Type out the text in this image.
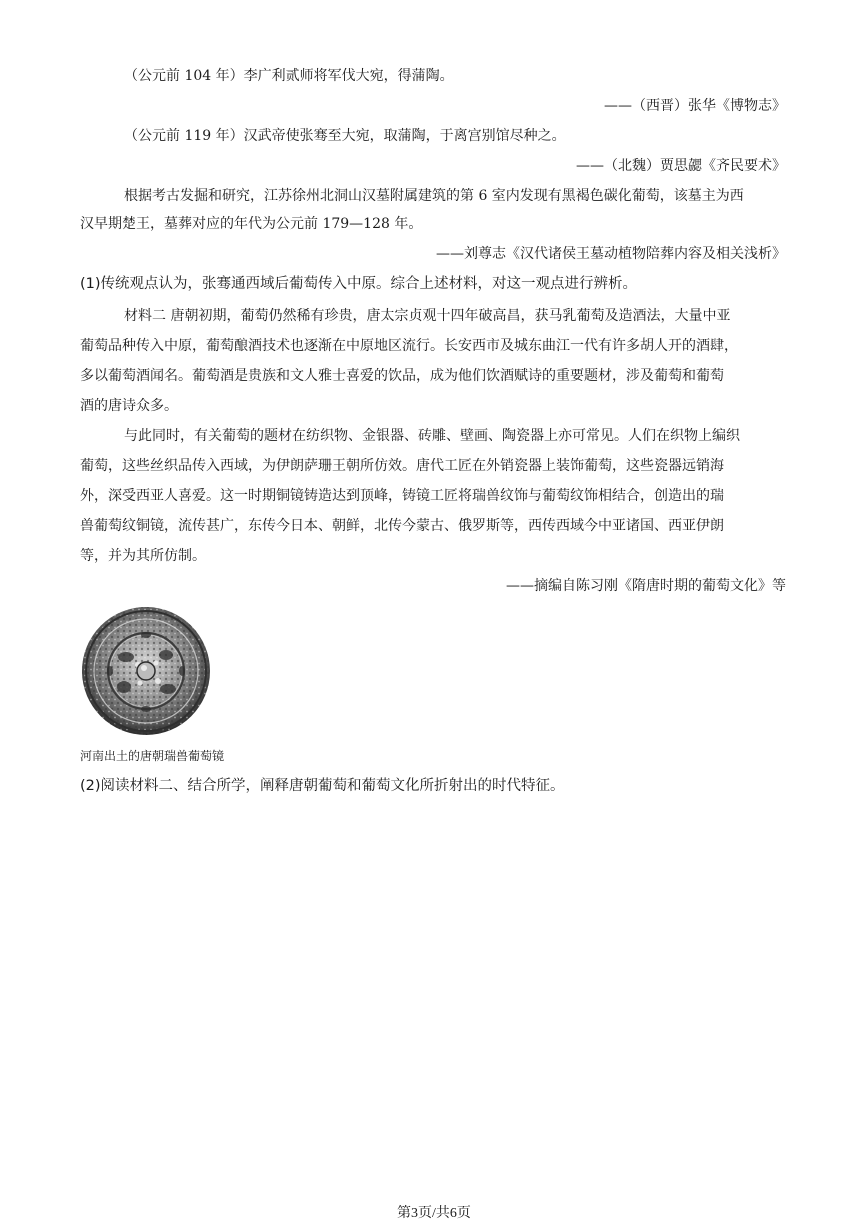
（公元前 104 年）李广利贰师将军伐大宛，得蒲陶。
——（西晋）张华《博物志》
（公元前 119 年）汉武帝使张骞至大宛，取蒲陶，于离宫别馆尽种之。
——（北魏）贾思勰《齐民要术》
根据考古发掘和研究，江苏徐州北洞山汉墓附属建筑的第 6 室内发现有黑褐色碳化葡萄，该墓主为西
汉早期楚王，墓葬对应的年代为公元前 179—128 年。
——刘尊志《汉代诸侯王墓动植物陪葬内容及相关浅析》
(1)传统观点认为，张骞通西域后葡萄传入中原。综合上述材料，对这一观点进行辨析。
材料二 唐朝初期，葡萄仍然稀有珍贵，唐太宗贞观十四年破高昌，获马乳葡萄及造酒法，大量中亚
葡萄品种传入中原，葡萄酿酒技术也逐渐在中原地区流行。长安西市及城东曲江一代有许多胡人开的酒肆，
多以葡萄酒闻名。葡萄酒是贵族和文人雅士喜爱的饮品，成为他们饮酒赋诗的重要题材，涉及葡萄和葡萄
酒的唐诗众多。
与此同时，有关葡萄的题材在纺织物、金银器、砖雕、壁画、陶瓷器上亦可常见。人们在织物上编织
葡萄，这些丝织品传入西域，为伊朗萨珊王朝所仿效。唐代工匠在外销瓷器上装饰葡萄，这些瓷器远销海
外，深受西亚人喜爱。这一时期铜镜铸造达到顶峰，铸镜工匠将瑞兽纹饰与葡萄纹饰相结合，创造出的瑞
兽葡萄纹铜镜，流传甚广，东传今日本、朝鲜，北传今蒙古、俄罗斯等，西传西域今中亚诸国、西亚伊朗
等，并为其所仿制。
——摘编自陈习刚《隋唐时期的葡萄文化》等
河南出土的唐朝瑞兽葡萄镜
(2)阅读材料二、结合所学，阐释唐朝葡萄和葡萄文化所折射出的时代特征。
第3页/共6页
